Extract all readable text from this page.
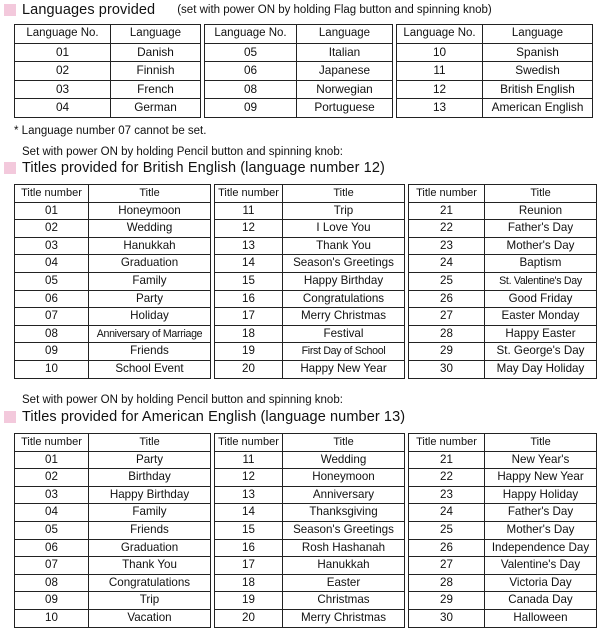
Languages provided (set with power ON by holding Flag button and spinning knob)
Language No.	Language		Language No.	Language		Language No.	Language
01	Danish		05	Italian		10	Spanish
02	Finnish		06	Japanese		11	Swedish
03	French		08	Norwegian		12	British English
04	German		09	Portuguese		13	American English
* Language number 07 cannot be set.
Set with power ON by holding Pencil button and spinning knob:
Titles provided for British English (language number 12)
Title number	Title		Title number	Title		Title number	Title
01	Honeymoon		11	Trip		21	Reunion
02	Wedding		12	I Love You		22	Father's Day
03	Hanukkah		13	Thank You		23	Mother's Day
04	Graduation		14	Season's Greetings		24	Baptism
05	Family		15	Happy Birthday		25	St. Valentine's Day
06	Party		16	Congratulations		26	Good Friday
07	Holiday		17	Merry Christmas		27	Easter Monday
08	Anniversary of Marriage		18	Festival		28	Happy Easter
09	Friends		19	First Day of School		29	St. George's Day
10	School Event		20	Happy New Year		30	May Day Holiday
Set with power ON by holding Pencil button and spinning knob:
Titles provided for American English (language number 13)
Title number	Title		Title number	Title		Title number	Title
01	Party		11	Wedding		21	New Year's
02	Birthday		12	Honeymoon		22	Happy New Year
03	Happy Birthday		13	Anniversary		23	Happy Holiday
04	Family		14	Thanksgiving		24	Father's Day
05	Friends		15	Season's Greetings		25	Mother's Day
06	Graduation		16	Rosh Hashanah		26	Independence Day
07	Thank You		17	Hanukkah		27	Valentine's Day
08	Congratulations		18	Easter		28	Victoria Day
09	Trip		19	Christmas		29	Canada Day
10	Vacation		20	Merry Christmas		30	Halloween
